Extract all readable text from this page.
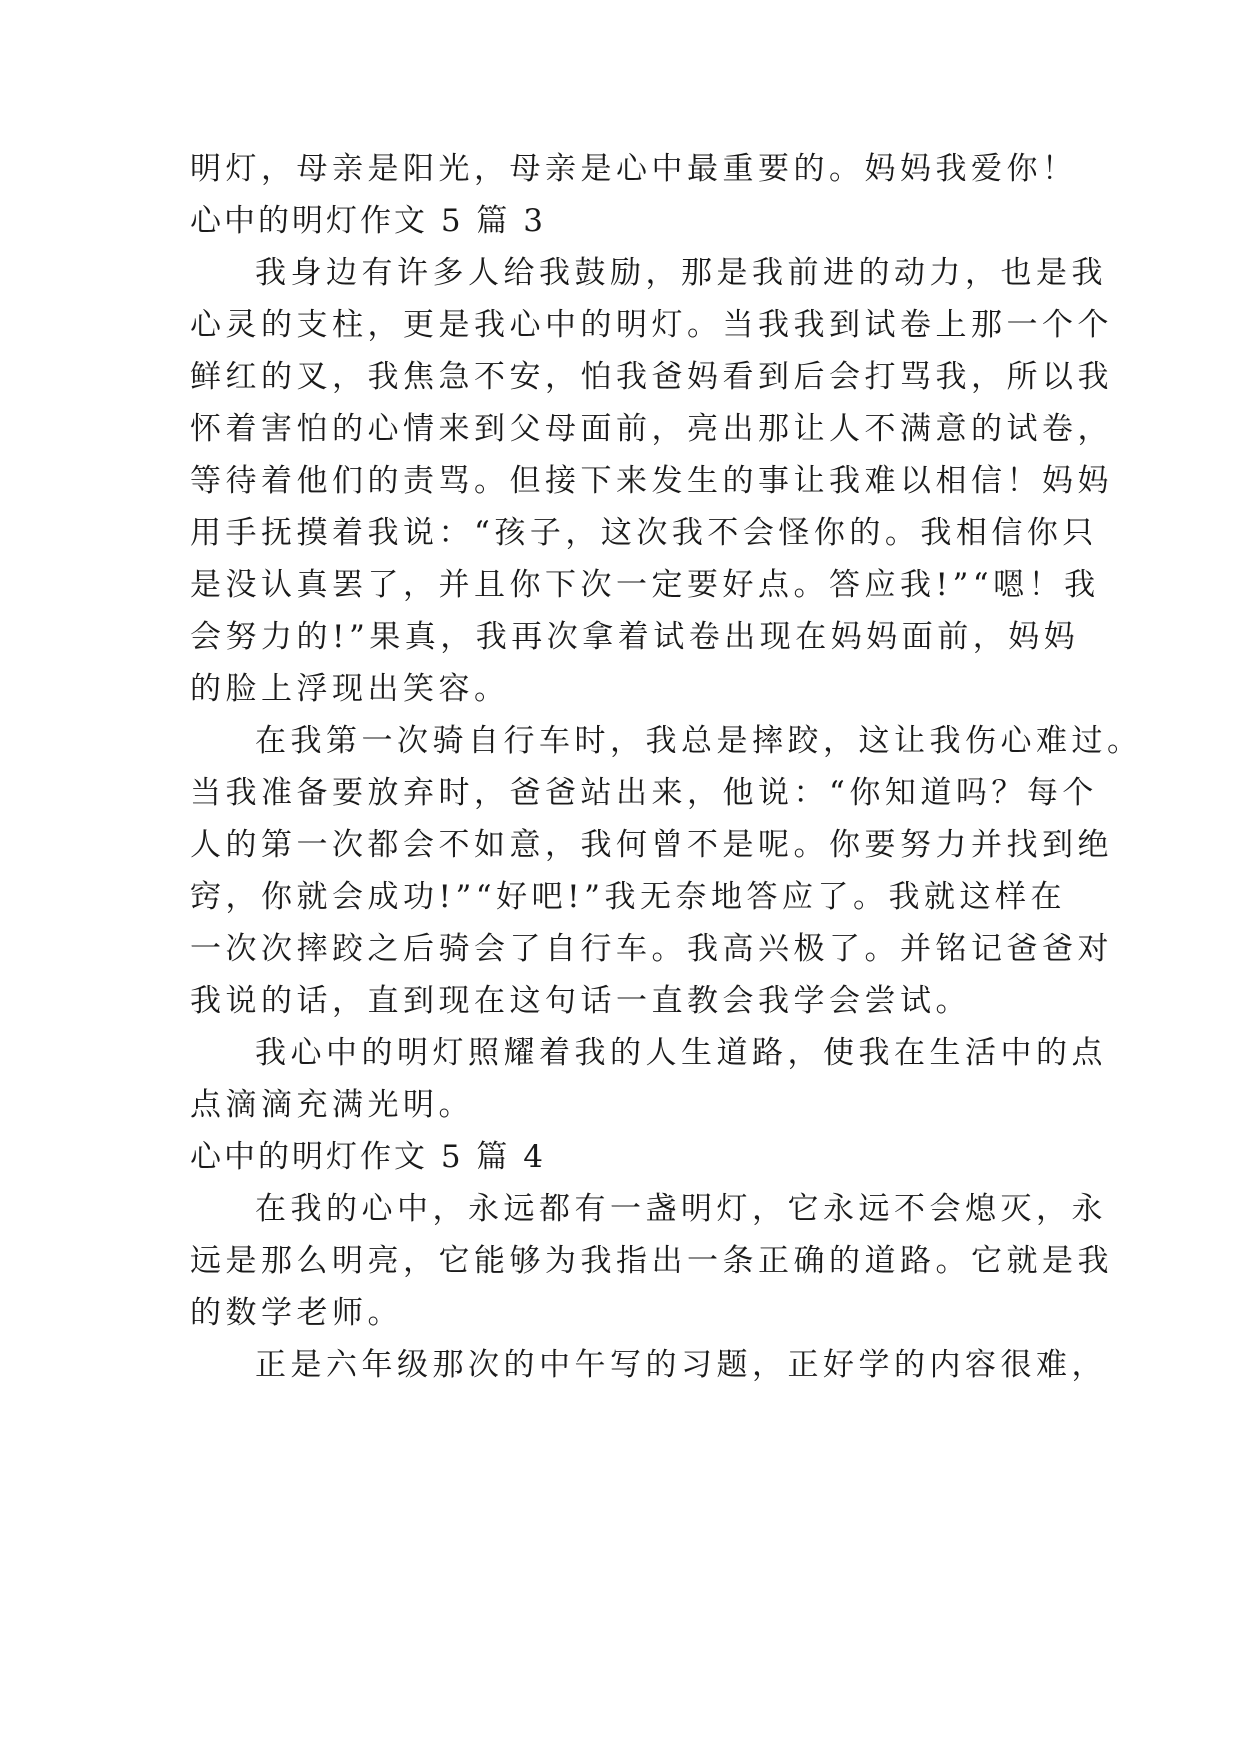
明灯，母亲是阳光，母亲是心中最重要的。妈妈我爱你！
心中的明灯作文 5 篇 3
我身边有许多人给我鼓励，那是我前进的动力，也是我
心灵的支柱，更是我心中的明灯。当我我到试卷上那一个个
鲜红的叉，我焦急不安，怕我爸妈看到后会打骂我，所以我
怀着害怕的心情来到父母面前，亮出那让人不满意的试卷，
等待着他们的责骂。但接下来发生的事让我难以相信！妈妈
用手抚摸着我说：“孩子，这次我不会怪你的。我相信你只
是没认真罢了，并且你下次一定要好点。答应我!”“嗯！我
会努力的!”果真，我再次拿着试卷出现在妈妈面前，妈妈
的脸上浮现出笑容。
在我第一次骑自行车时，我总是摔跤，这让我伤心难过。
当我准备要放弃时，爸爸站出来，他说：“你知道吗？每个
人的第一次都会不如意，我何曾不是呢。你要努力并找到绝
窍，你就会成功!”“好吧!”我无奈地答应了。我就这样在
一次次摔跤之后骑会了自行车。我高兴极了。并铭记爸爸对
我说的话，直到现在这句话一直教会我学会尝试。
我心中的明灯照耀着我的人生道路，使我在生活中的点
点滴滴充满光明。
心中的明灯作文 5 篇 4
在我的心中，永远都有一盏明灯，它永远不会熄灭，永
远是那么明亮，它能够为我指出一条正确的道路。它就是我
的数学老师。
正是六年级那次的中午写的习题，正好学的内容很难，
